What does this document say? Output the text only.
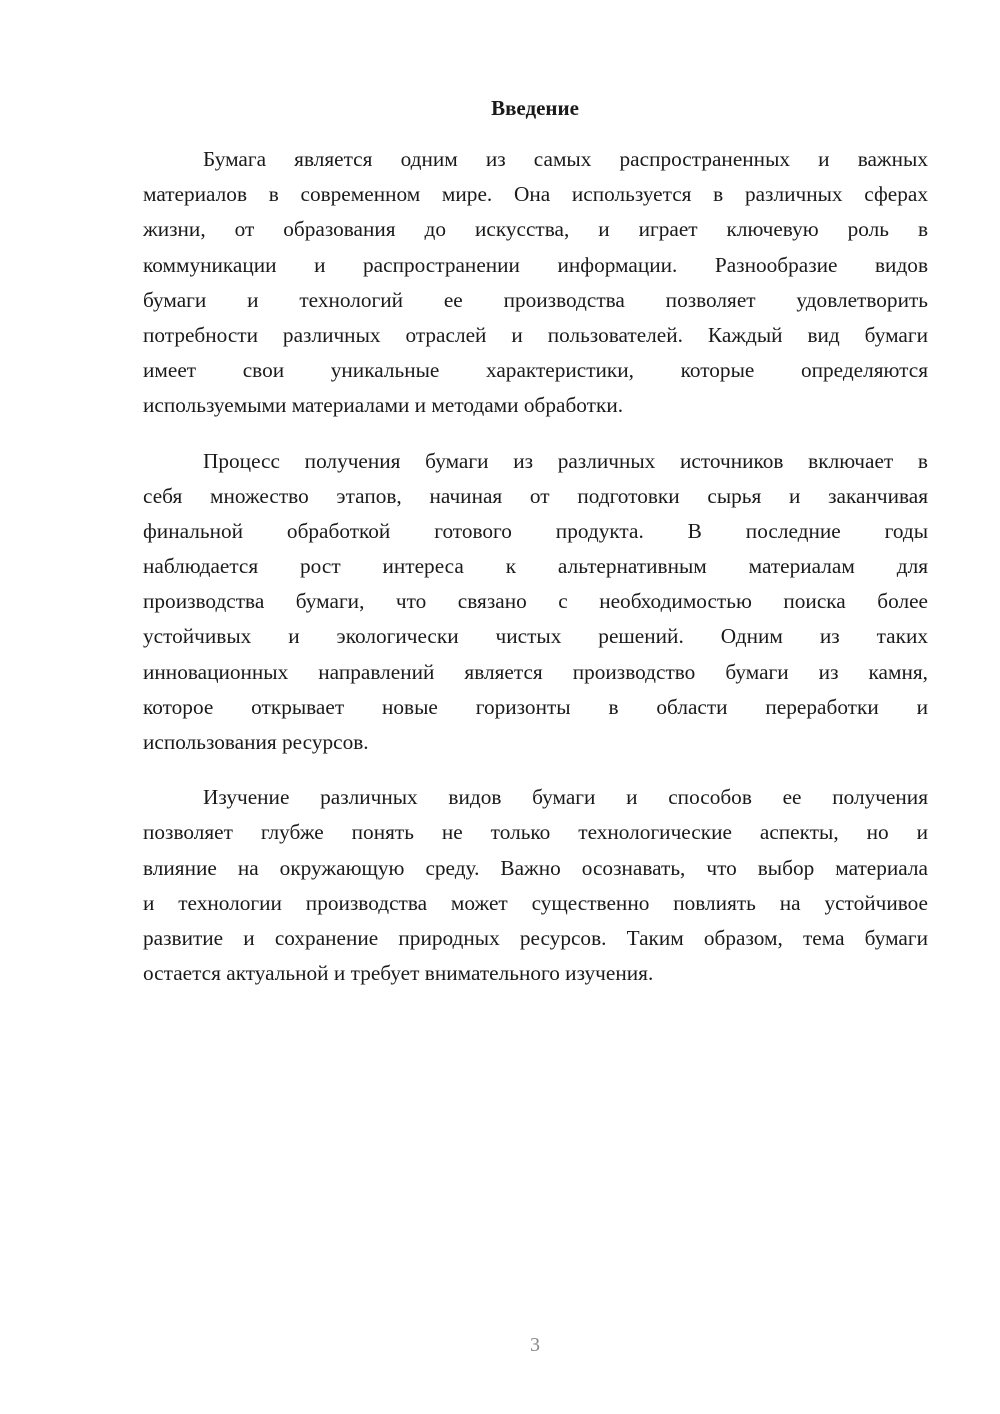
Введение
Бумага является одним из самых распространенных и важных
материалов в современном мире. Она используется в различных сферах
жизни, от образования до искусства, и играет ключевую роль в
коммуникации и распространении информации. Разнообразие видов
бумаги и технологий ее производства позволяет удовлетворить
потребности различных отраслей и пользователей. Каждый вид бумаги
имеет свои уникальные характеристики, которые определяются
используемыми материалами и методами обработки.
Процесс получения бумаги из различных источников включает в
себя множество этапов, начиная от подготовки сырья и заканчивая
финальной обработкой готового продукта. В последние годы
наблюдается рост интереса к альтернативным материалам для
производства бумаги, что связано с необходимостью поиска более
устойчивых и экологически чистых решений. Одним из таких
инновационных направлений является производство бумаги из камня,
которое открывает новые горизонты в области переработки и
использования ресурсов.
Изучение различных видов бумаги и способов ее получения
позволяет глубже понять не только технологические аспекты, но и
влияние на окружающую среду. Важно осознавать, что выбор материала
и технологии производства может существенно повлиять на устойчивое
развитие и сохранение природных ресурсов. Таким образом, тема бумаги
остается актуальной и требует внимательного изучения.
3
